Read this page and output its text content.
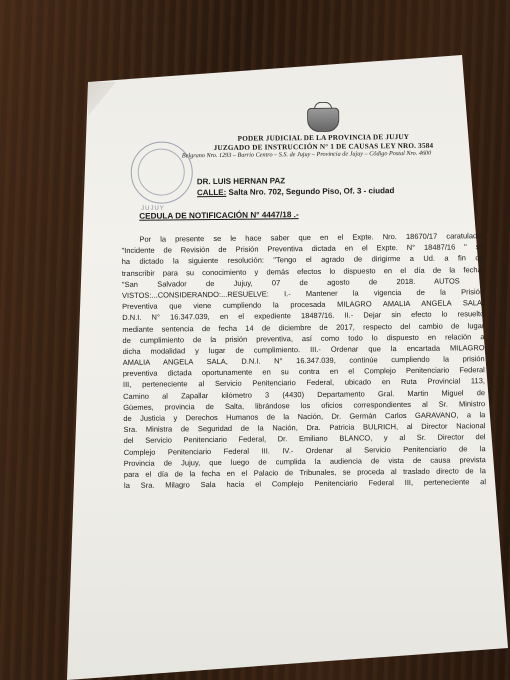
PODER JUDICIAL DE LA PROVINCIA DE JUJUY
JUZGADO DE INSTRUCCIÓN N° 1 DE CAUSAS LEY NRO. 3584
Belgrano Nro. 1293 – Barrio Centro – S.S. de Jujuy – Provincia de Jujuy – Código Postal Nro. 4600
JUJUY
DR. LUIS HERNAN PAZ
CALLE: Salta Nro. 702, Segundo Piso, Of. 3 - ciudad
CEDULA DE NOTIFICACIÓN N° 4447/18 .-
Por la presente se le hace saber que en el Expte. Nro. 18670/17 caratulado:
"Incidente de Revisión de Prisión Preventiva dictada en el Expte. N° 18487/16 " se
ha dictado la siguiente resolución: "Tengo el agrado de dirigirme a Ud. a fin de
transcribir para su conocimiento y demás efectos lo dispuesto en el día de la fecha:
"San Salvador de Jujuy, 07 de agosto de 2018. AUTOS Y
VISTOS:...CONSIDERANDO:...RESUELVE: I.- Mantener la vigencia de la Prisión
Preventiva que viene cumpliendo la procesada MILAGRO AMALIA ANGELA SALA,
D.N.I. N° 16.347.039, en el expediente 18487/16. II.- Dejar sin efecto lo resuelto
mediante sentencia de fecha 14 de diciembre de 2017, respecto del cambio de lugar
de cumplimiento de la prisión preventiva, así como todo lo dispuesto en relación a
dicha modalidad y lugar de cumplimiento. III.- Ordenar que la encartada MILAGRO
AMALIA ANGELA SALA, D.N.I. N° 16.347.039, continúe cumpliendo la prisión
preventiva dictada oportunamente en su contra en el Complejo Penitenciario Federal
III, perteneciente al Servicio Penitenciario Federal, ubicado en Ruta Provincial 113,
Camino al Zapallar kilómetro 3 (4430) Departamento Gral. Martin Miguel de
Güemes, provincia de Salta, librándose los oficios correspondientes al Sr. Ministro
de Justicia y Derechos Humanos de la Nación, Dr. Germán Carlos GARAVANO, a la
Sra. Ministra de Seguridad de la Nación, Dra. Patricia BULRICH, al Director Nacional
del Servicio Penitenciario Federal, Dr. Emiliano BLANCO, y al Sr. Director del
Complejo Penitenciario Federal III. IV.- Ordenar al Servicio Penitenciario de la
Provincia de Jujuy, que luego de cumplida la audiencia de vista de causa prevista
para el día de la fecha en el Palacio de Tribunales, se proceda al traslado directo de la
la Sra. Milagro Sala hacia el Complejo Penitenciario Federal III, perteneciente al
